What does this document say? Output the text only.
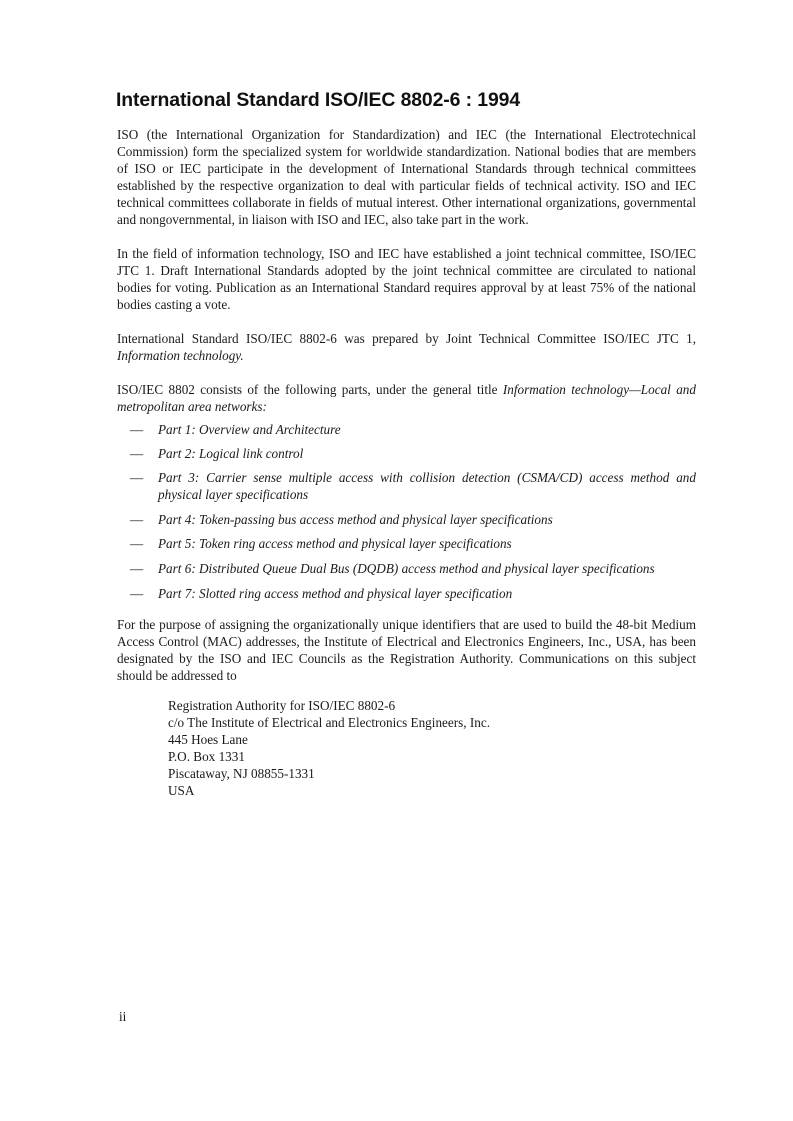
International Standard ISO/IEC 8802-6 : 1994

ISO (the International Organization for Standardization) and IEC (the International Electrotechnical Commission) form the specialized system for worldwide standardization. National bodies that are members of ISO or IEC participate in the development of International Standards through technical committees established by the respective organization to deal with particular fields of technical activity. ISO and IEC technical committees collaborate in fields of mutual interest. Other international organizations, governmental and nongovernmental, in liaison with ISO and IEC, also take part in the work.

In the field of information technology, ISO and IEC have established a joint technical committee, ISO/IEC JTC 1. Draft International Standards adopted by the joint technical committee are circulated to national bodies for voting. Publication as an International Standard requires approval by at least 75% of the national bodies casting a vote.

International Standard ISO/IEC 8802-6 was prepared by Joint Technical Committee ISO/IEC JTC 1, Information technology.

ISO/IEC 8802 consists of the following parts, under the general title Information technology—Local and metropolitan area networks:

— Part 1: Overview and Architecture
— Part 2: Logical link control
— Part 3: Carrier sense multiple access with collision detection (CSMA/CD) access method and physical layer specifications
— Part 4: Token-passing bus access method and physical layer specifications
— Part 5: Token ring access method and physical layer specifications
— Part 6: Distributed Queue Dual Bus (DQDB) access method and physical layer specifications
— Part 7: Slotted ring access method and physical layer specification

For the purpose of assigning the organizationally unique identifiers that are used to build the 48-bit Medium Access Control (MAC) addresses, the Institute of Electrical and Electronics Engineers, Inc., USA, has been designated by the ISO and IEC Councils as the Registration Authority. Communications on this subject should be addressed to

Registration Authority for ISO/IEC 8802-6
c/o The Institute of Electrical and Electronics Engineers, Inc.
445 Hoes Lane
P.O. Box 1331
Piscataway, NJ 08855-1331
USA
ii
